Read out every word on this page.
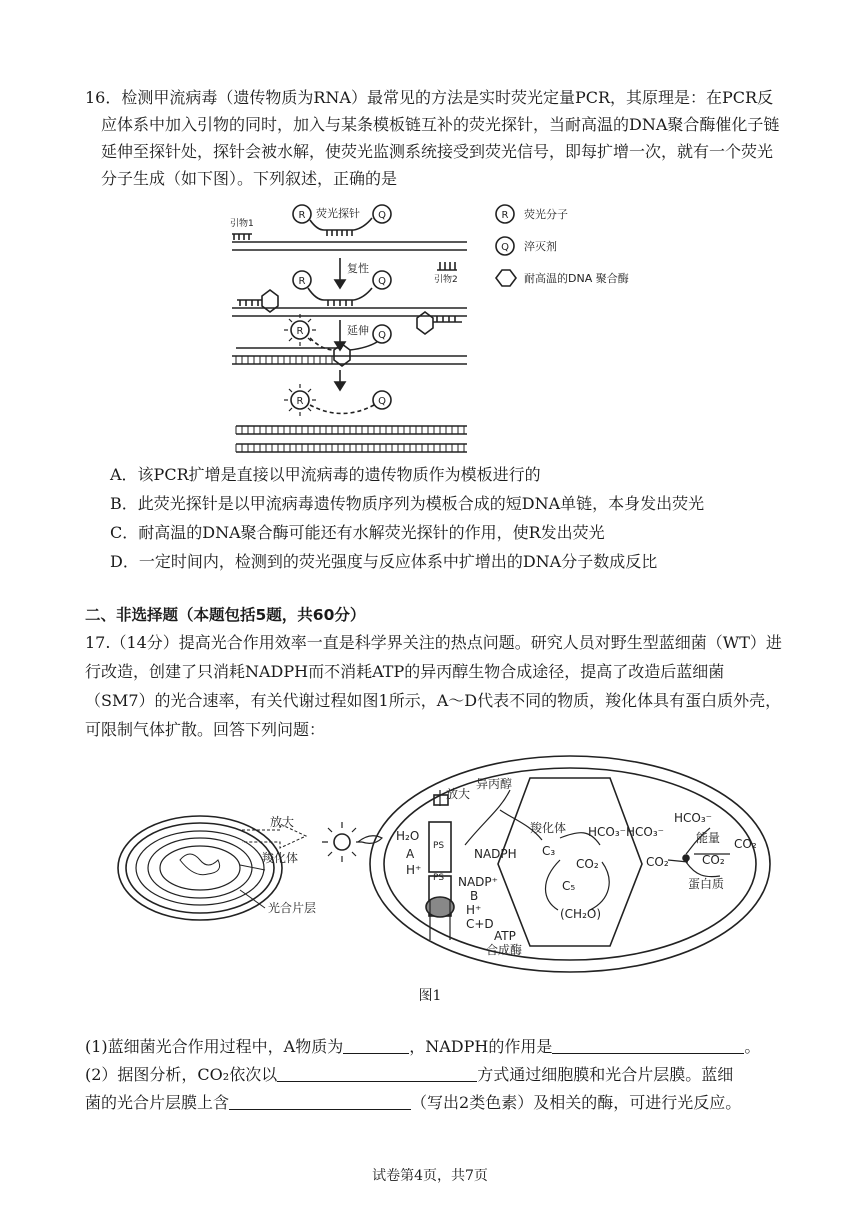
16．检测甲流病毒（遗传物质为RNA）最常见的方法是实时荧光定量PCR，其原理是：在PCR反应体系中加入引物的同时，加入与某条模板链互补的荧光探针，当耐高温的DNA聚合酶催化子链延伸至探针处，探针会被水解，使荧光监测系统接受到荧光信号，即每扩增一次，就有一个荧光分子生成（如下图）。下列叙述，正确的是

引物1
荧光探针
复性
引物2
延伸
R	Q
R	Q
R	Q
R	Q
R
Q
荧光分子
淬灭剂
耐高温的DNA 聚合酶
A．该PCR扩增是直接以甲流病毒的遗传物质作为模板进行的
B．此荧光探针是以甲流病毒遗传物质序列为模板合成的短DNA单链，本身发出荧光
C．耐高温的DNA聚合酶可能还有水解荧光探针的作用，使R发出荧光
D．一定时间内，检测到的荧光强度与反应体系中扩增出的DNA分子数成反比
二、非选择题（本题包括5题，共60分）

17.（14分）提高光合作用效率一直是科学界关注的热点问题。研究人员对野生型蓝细菌（WT）进行改造，创建了只消耗NADPH而不消耗ATP的异丙醇生物合成途径，提高了改造后蓝细菌（SM7）的光合速率，有关代谢过程如图1所示，A～D代表不同的物质，羧化体具有蛋白质外壳，可限制气体扩散。回答下列问题：

放大
羧化体
光合片层
放大
异丙醇
H₂O
A
H⁺
PS
PS
NADPH
NADP⁺
B
H⁺
C+D
ATP
合成酶
羧化体
C₃
C₅
(CH₂O)
CO₂
HCO₃⁻ HCO₃⁻
CO₂
HCO₃⁻
能量
CO₂
CO₂
蛋白质
图1
(1)蓝细菌光合作用过程中，A物质为	，NADPH的作用是	。
(2）据图分析，CO₂依次以	方式通过细胞膜和光合片层膜。蓝细
菌的光合片层膜上含	（写出2类色素）及相关的酶，可进行光反应。
试卷第4页，共7页
